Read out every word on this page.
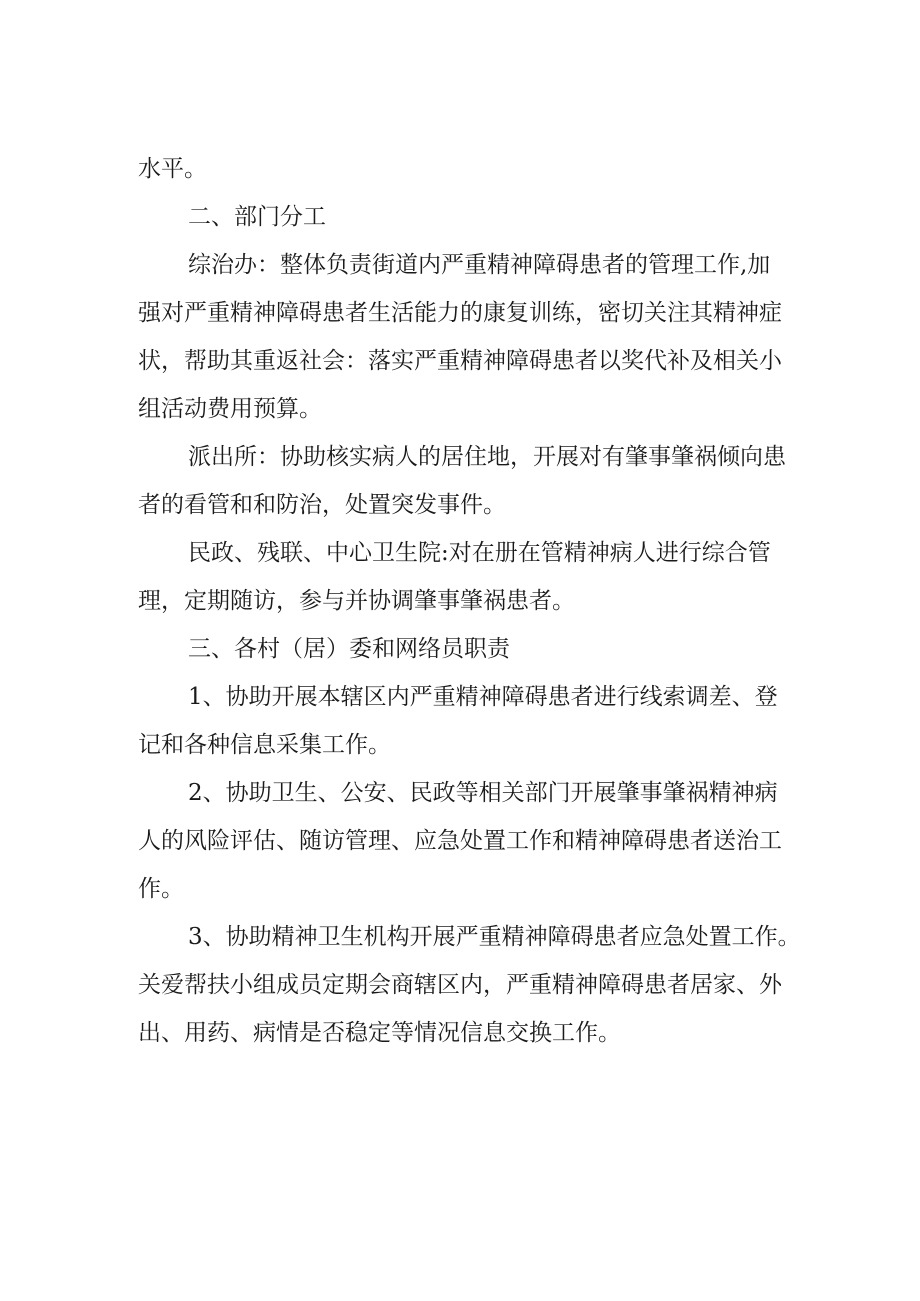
水平。
二、部门分工
综治办：整体负责街道内严重精神障碍患者的管理工作,加
强对严重精神障碍患者生活能力的康复训练，密切关注其精神症
状，帮助其重返社会：落实严重精神障碍患者以奖代补及相关小
组活动费用预算。
派出所：协助核实病人的居住地，开展对有肇事肇祸倾向患
者的看管和和防治，处置突发事件。
民政、残联、中心卫生院:对在册在管精神病人进行综合管
理，定期随访，参与并协调肇事肇祸患者。
三、各村（居）委和网络员职责
1、协助开展本辖区内严重精神障碍患者进行线索调差、登
记和各种信息采集工作。
2、协助卫生、公安、民政等相关部门开展肇事肇祸精神病
人的风险评估、随访管理、应急处置工作和精神障碍患者送治工
作。
3、协助精神卫生机构开展严重精神障碍患者应急处置工作。
关爱帮扶小组成员定期会商辖区内，严重精神障碍患者居家、外
出、用药、病情是否稳定等情况信息交换工作。
